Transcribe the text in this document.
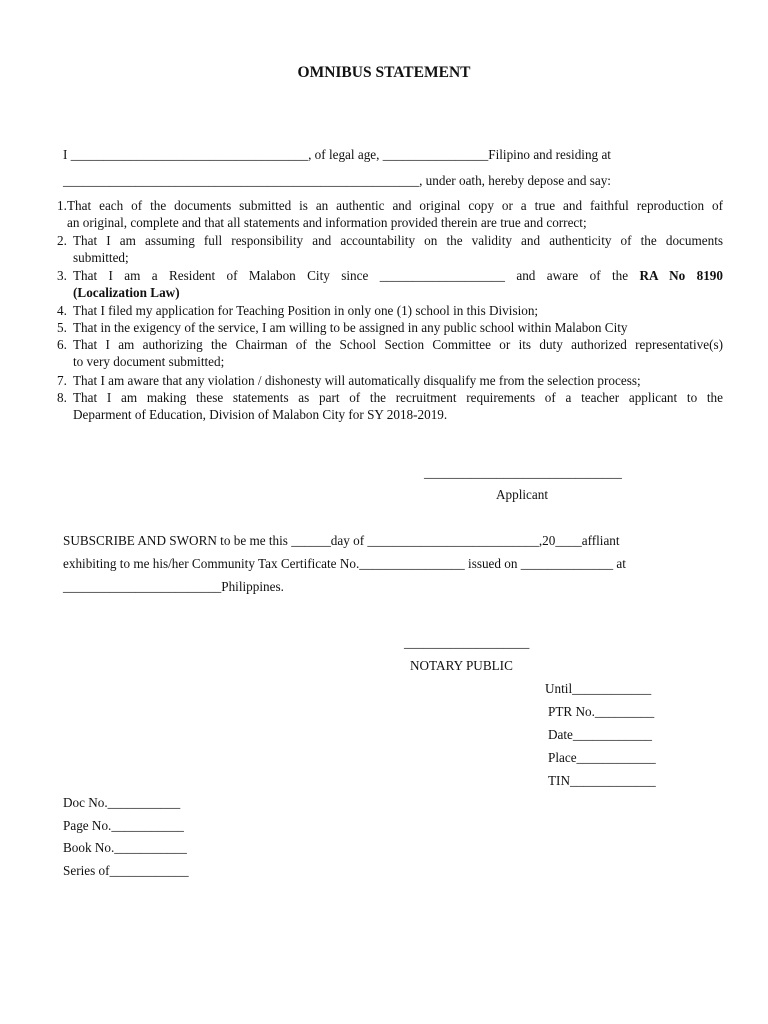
OMNIBUS STATEMENT
I ____________________________________, of legal age, ________________Filipino and residing at
______________________________________________________, under oath, hereby depose and say:
1. That each of the documents submitted is an authentic and original copy or a true and faithful reproduction of
an original, complete and that all statements and information provided therein are true and correct;
2. That I am assuming full responsibility and accountability on the validity and authenticity of the documents
submitted;
3. That I am a Resident of Malabon City since ___________________ and aware of the RA No 8190
(Localization Law)
4. That I filed my application for Teaching Position in only one (1) school in this Division;
5. That in the exigency of the service, I am willing to be assigned in any public school within Malabon City
6. That I am authorizing the Chairman of the School Section Committee or its duty authorized representative(s)
to very document submitted;
7. That I am aware that any violation / dishonesty will automatically disqualify me from the selection process;
8. That I am making these statements as part of the recruitment requirements of a teacher applicant to the
Deparment of Education, Division of Malabon City for SY 2018-2019.
______________________________
Applicant
SUBSCRIBE AND SWORN to be me this ______day of __________________________,20____affliant
exhibiting to me his/her Community Tax Certificate No.________________ issued on ______________ at
________________________Philippines.
___________________
NOTARY PUBLIC
Until____________
PTR No._________
Date____________
Place____________
TIN_____________
Doc No.___________
Page No.___________
Book No.___________
Series of____________
